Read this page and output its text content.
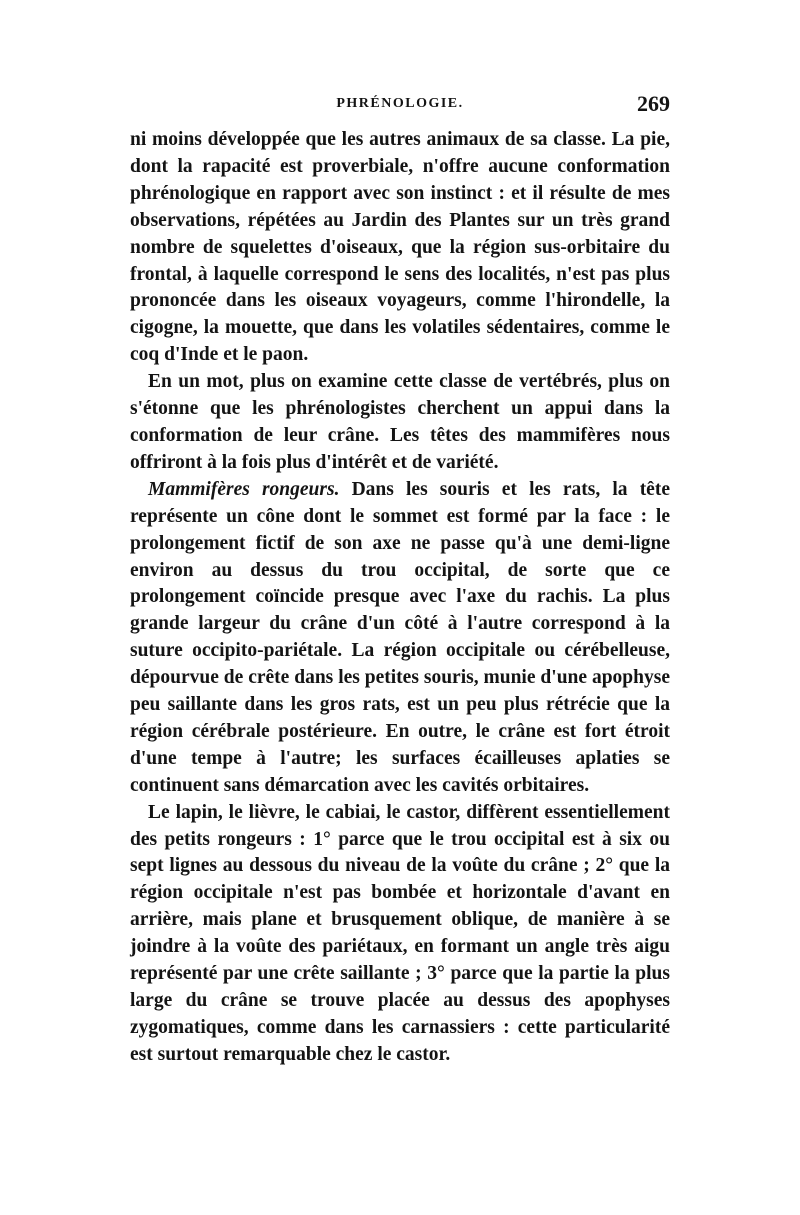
PHRÉNOLOGIE.	269

ni moins développée que les autres animaux de sa classe. La pie, dont la rapacité est proverbiale, n'offre aucune conformation phrénologique en rapport avec son instinct : et il résulte de mes observations, répétées au Jardin des Plantes sur un très grand nombre de squelettes d'oiseaux, que la région sus-orbitaire du frontal, à laquelle correspond le sens des localités, n'est pas plus prononcée dans les oiseaux voyageurs, comme l'hirondelle, la cigogne, la mouette, que dans les volatiles sédentaires, comme le coq d'Inde et le paon.

En un mot, plus on examine cette classe de vertébrés, plus on s'étonne que les phrénologistes cherchent un appui dans la conformation de leur crâne. Les têtes des mammifères nous offriront à la fois plus d'intérêt et de variété.

Mammifères rongeurs. Dans les souris et les rats, la tête représente un cône dont le sommet est formé par la face : le prolongement fictif de son axe ne passe qu'à une demi-ligne environ au dessus du trou occipital, de sorte que ce prolongement coïncide presque avec l'axe du rachis. La plus grande largeur du crâne d'un côté à l'autre correspond à la suture occipito-pariétale. La région occipitale ou cérébelleuse, dépourvue de crête dans les petites souris, munie d'une apophyse peu saillante dans les gros rats, est un peu plus rétrécie que la région cérébrale postérieure. En outre, le crâne est fort étroit d'une tempe à l'autre; les surfaces écailleuses aplaties se continuent sans démarcation avec les cavités orbitaires.

Le lapin, le lièvre, le cabiai, le castor, diffèrent essentiellement des petits rongeurs : 1° parce que le trou occipital est à six ou sept lignes au dessous du niveau de la voûte du crâne ; 2° que la région occipitale n'est pas bombée et horizontale d'avant en arrière, mais plane et brusquement oblique, de manière à se joindre à la voûte des pariétaux, en formant un angle très aigu représenté par une crête saillante ; 3° parce que la partie la plus large du crâne se trouve placée au dessus des apophyses zygomatiques, comme dans les carnassiers : cette particularité est surtout remarquable chez le castor.
